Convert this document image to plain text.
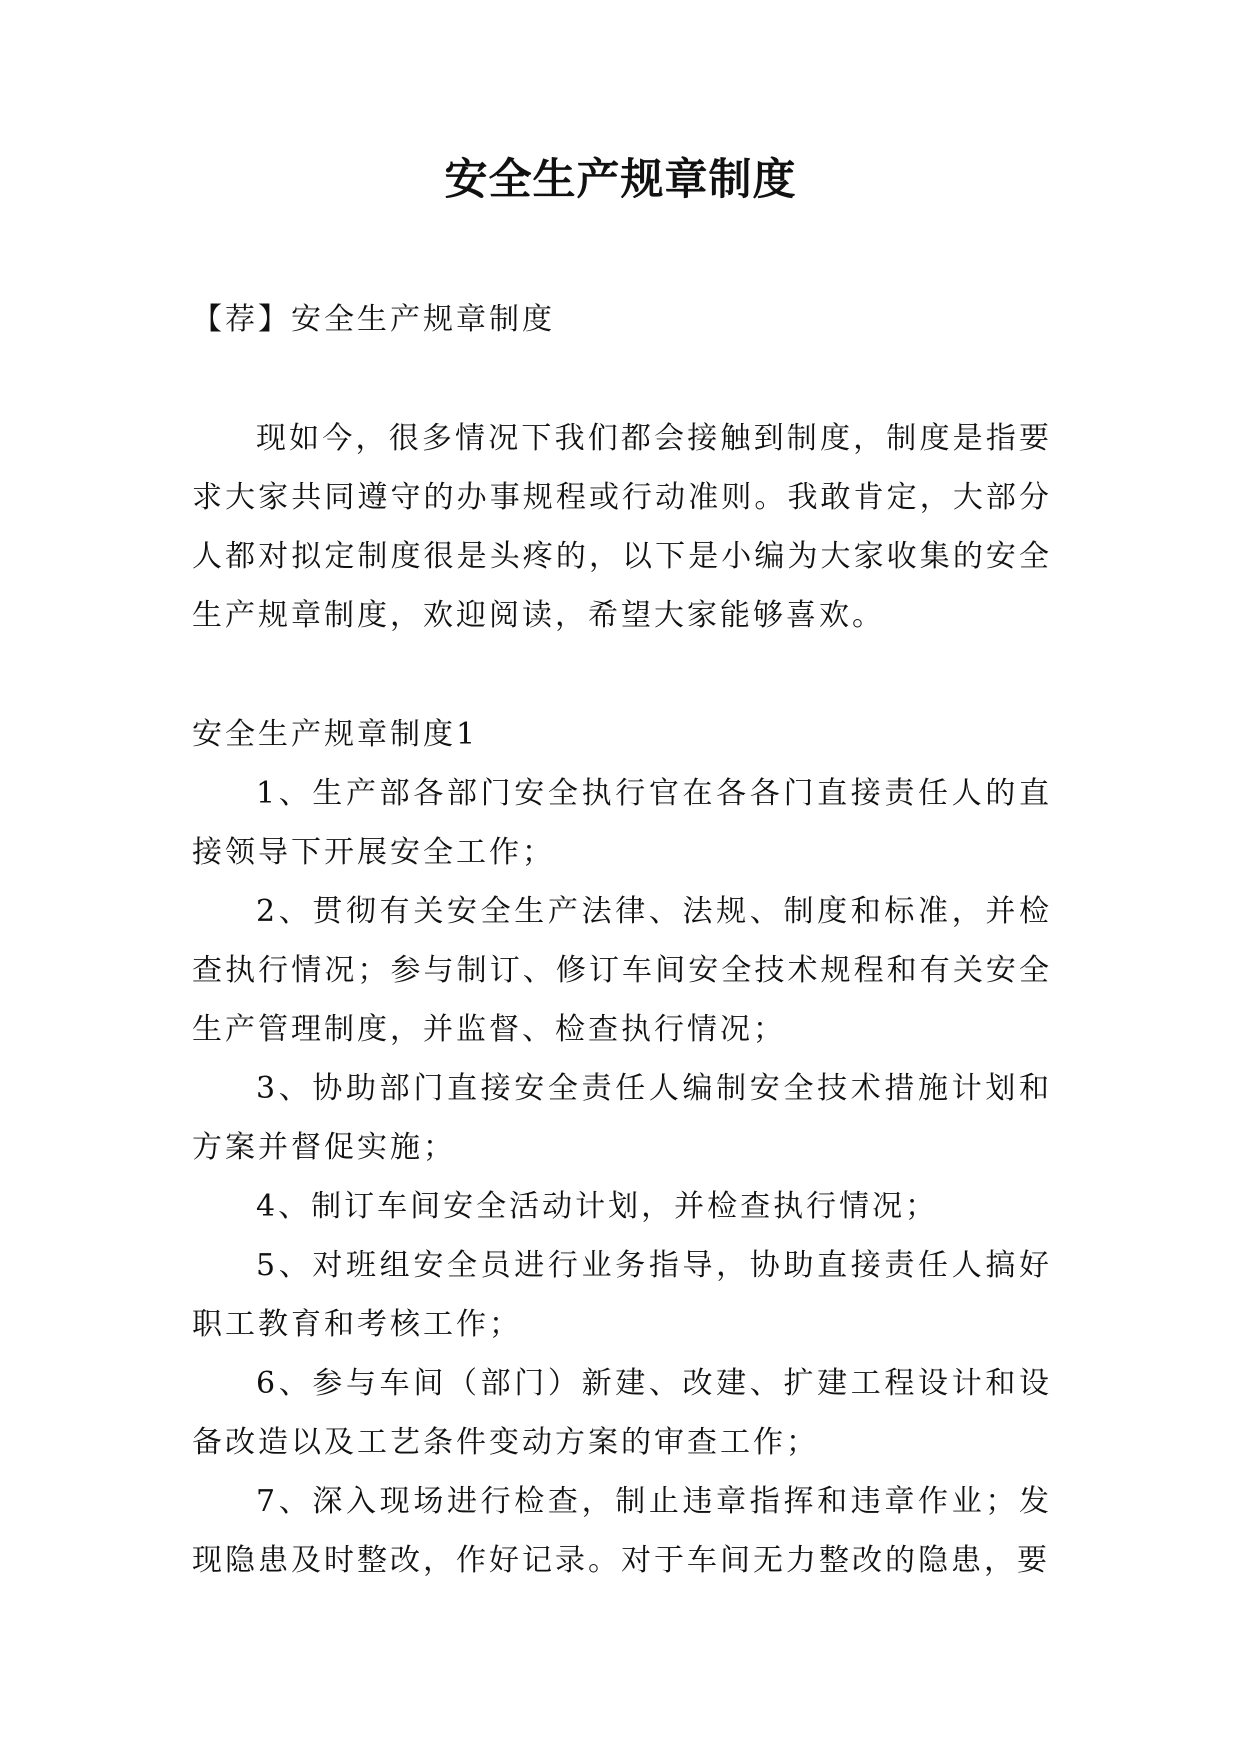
安全生产规章制度

【荐】安全生产规章制度

现如今，很多情况下我们都会接触到制度，制度是指要求大家共同遵守的办事规程或行动准则。我敢肯定，大部分人都对拟定制度很是头疼的，以下是小编为大家收集的安全生产规章制度，欢迎阅读，希望大家能够喜欢。

安全生产规章制度1

1、生产部各部门安全执行官在各各门直接责任人的直接领导下开展安全工作；

2、贯彻有关安全生产法律、法规、制度和标准，并检查执行情况；参与制订、修订车间安全技术规程和有关安全生产管理制度，并监督、检查执行情况；

3、协助部门直接安全责任人编制安全技术措施计划和方案并督促实施；

4、制订车间安全活动计划，并检查执行情况；

5、对班组安全员进行业务指导，协助直接责任人搞好职工教育和考核工作；

6、参与车间（部门）新建、改建、扩建工程设计和设备改造以及工艺条件变动方案的审查工作；

7、深入现场进行检查，制止违章指挥和违章作业；发现隐患及时整改，作好记录。对于车间无力整改的隐患，要
